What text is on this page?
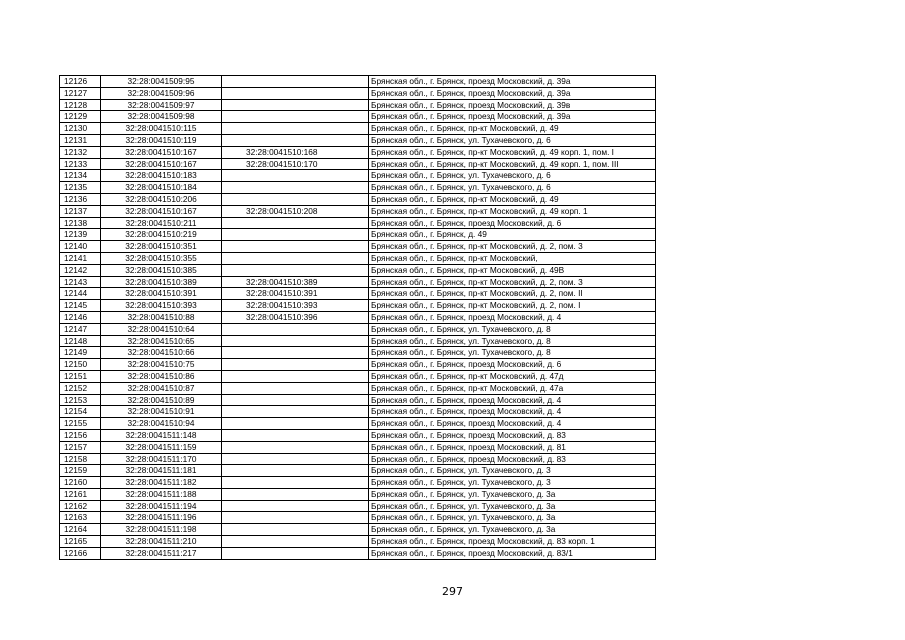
12126	32:28:0041509:95		Брянская обл., г. Брянск, проезд Московский, д. 39а
12127	32:28:0041509:96		Брянская обл., г. Брянск, проезд Московский, д. 39а
12128	32:28:0041509:97		Брянская обл., г. Брянск, проезд Московский, д. 39в
12129	32:28:0041509:98		Брянская обл., г. Брянск, проезд Московский, д. 39а
12130	32:28:0041510:115		Брянская обл., г. Брянск, пр-кт Московский, д. 49
12131	32:28:0041510:119		Брянская обл., г. Брянск, ул. Тухачевского, д. 6
12132	32:28:0041510:167	32:28:0041510:168	Брянская обл., г. Брянск, пр-кт Московский, д. 49 корп. 1, пом. I
12133	32:28:0041510:167	32:28:0041510:170	Брянская обл., г. Брянск, пр-кт Московский, д. 49 корп. 1, пом. III
12134	32:28:0041510:183		Брянская обл., г. Брянск, ул. Тухачевского, д. 6
12135	32:28:0041510:184		Брянская обл., г. Брянск, ул. Тухачевского, д. 6
12136	32:28:0041510:206		Брянская обл., г. Брянск, пр-кт Московский, д. 49
12137	32:28:0041510:167	32:28:0041510:208	Брянская обл., г. Брянск, пр-кт Московский, д. 49 корп. 1
12138	32:28:0041510:211		Брянская обл., г. Брянск, проезд Московский, д. 6
12139	32:28:0041510:219		Брянская обл., г. Брянск, д. 49
12140	32:28:0041510:351		Брянская обл., г. Брянск, пр-кт Московский, д. 2, пом. 3
12141	32:28:0041510:355		Брянская обл., г. Брянск, пр-кт Московский,
12142	32:28:0041510:385		Брянская обл., г. Брянск, пр-кт Московский, д. 49В
12143	32:28:0041510:389	32:28:0041510:389	Брянская обл., г. Брянск, пр-кт Московский, д. 2, пом. 3
12144	32:28:0041510:391	32:28:0041510:391	Брянская обл., г. Брянск, пр-кт Московский, д. 2, пом. II
12145	32:28:0041510:393	32:28:0041510:393	Брянская обл., г. Брянск, пр-кт Московский, д. 2, пом. I
12146	32:28:0041510:88	32:28:0041510:396	Брянская обл., г. Брянск, проезд Московский, д. 4
12147	32:28:0041510:64		Брянская обл., г. Брянск, ул. Тухачевского, д. 8
12148	32:28:0041510:65		Брянская обл., г. Брянск, ул. Тухачевского, д. 8
12149	32:28:0041510:66		Брянская обл., г. Брянск, ул. Тухачевского, д. 8
12150	32:28:0041510:75		Брянская обл., г. Брянск, проезд Московский, д. 6
12151	32:28:0041510:86		Брянская обл., г. Брянск, пр-кт Московский, д. 47д
12152	32:28:0041510:87		Брянская обл., г. Брянск, пр-кт Московский, д. 47а
12153	32:28:0041510:89		Брянская обл., г. Брянск, проезд Московский, д. 4
12154	32:28:0041510:91		Брянская обл., г. Брянск, проезд Московский, д. 4
12155	32:28:0041510:94		Брянская обл., г. Брянск, проезд Московский, д. 4
12156	32:28:0041511:148		Брянская обл., г. Брянск, проезд Московский, д. 83
12157	32:28:0041511:159		Брянская обл., г. Брянск, проезд Московский, д. 81
12158	32:28:0041511:170		Брянская обл., г. Брянск, проезд Московский, д. 83
12159	32:28:0041511:181		Брянская обл., г. Брянск, ул. Тухачевского, д. 3
12160	32:28:0041511:182		Брянская обл., г. Брянск, ул. Тухачевского, д. 3
12161	32:28:0041511:188		Брянская обл., г. Брянск, ул. Тухачевского, д. 3а
12162	32:28:0041511:194		Брянская обл., г. Брянск, ул. Тухачевского, д. 3а
12163	32:28:0041511:196		Брянская обл., г. Брянск, ул. Тухачевского, д. 3а
12164	32:28:0041511:198		Брянская обл., г. Брянск, ул. Тухачевского, д. 3а
12165	32:28:0041511:210		Брянская обл., г. Брянск, проезд Московский, д. 83 корп. 1
12166	32:28:0041511:217		Брянская обл., г. Брянск, проезд Московский, д. 83/1
297
